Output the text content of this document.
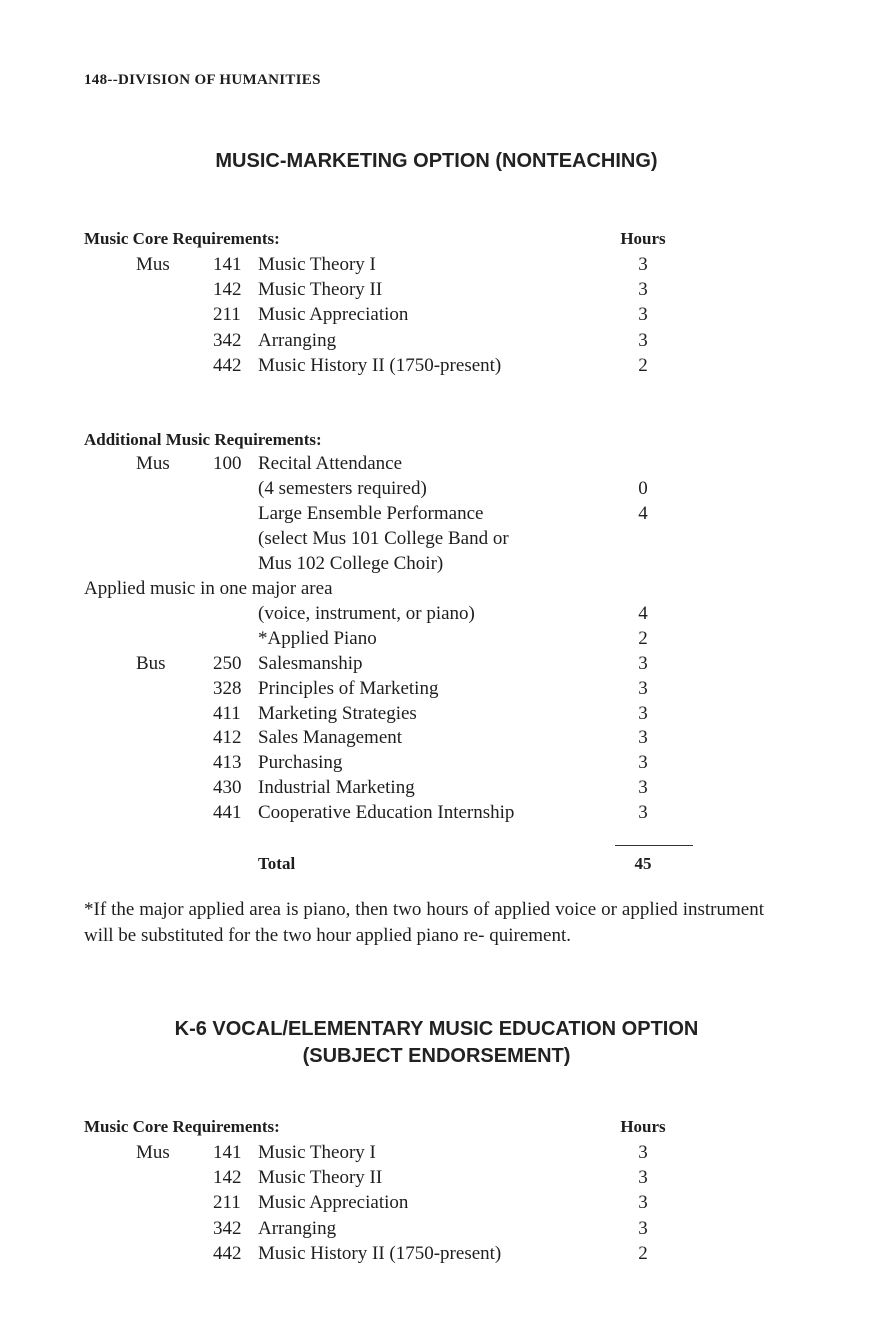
148--DIVISION OF HUMANITIES
MUSIC-MARKETING OPTION (NONTEACHING)
Music Core Requirements:	Hours
Mus 141 Music Theory I	3
142 Music Theory II	3
211 Music Appreciation	3
342 Arranging	3
442 Music History II (1750-present)	2
Additional Music Requirements:
Mus 100 Recital Attendance
(4 semesters required)	0
Large Ensemble Performance	4
(select Mus 101 College Band or
Mus 102 College Choir)
Applied music in one major area
(voice, instrument, or piano)	4
*Applied Piano	2
Bus 250 Salesmanship	3
328 Principles of Marketing	3
411 Marketing Strategies	3
412 Sales Management	3
413 Purchasing	3
430 Industrial Marketing	3
441 Cooperative Education Internship	3
Total	45
*If the major applied area is piano, then two hours of applied voice or applied instrument will be substituted for the two hour applied piano re- quirement.
K-6 VOCAL/ELEMENTARY MUSIC EDUCATION OPTION
(SUBJECT ENDORSEMENT)
Music Core Requirements:	Hours
Mus 141 Music Theory I	3
142 Music Theory II	3
211 Music Appreciation	3
342 Arranging	3
442 Music History II (1750-present)	2
